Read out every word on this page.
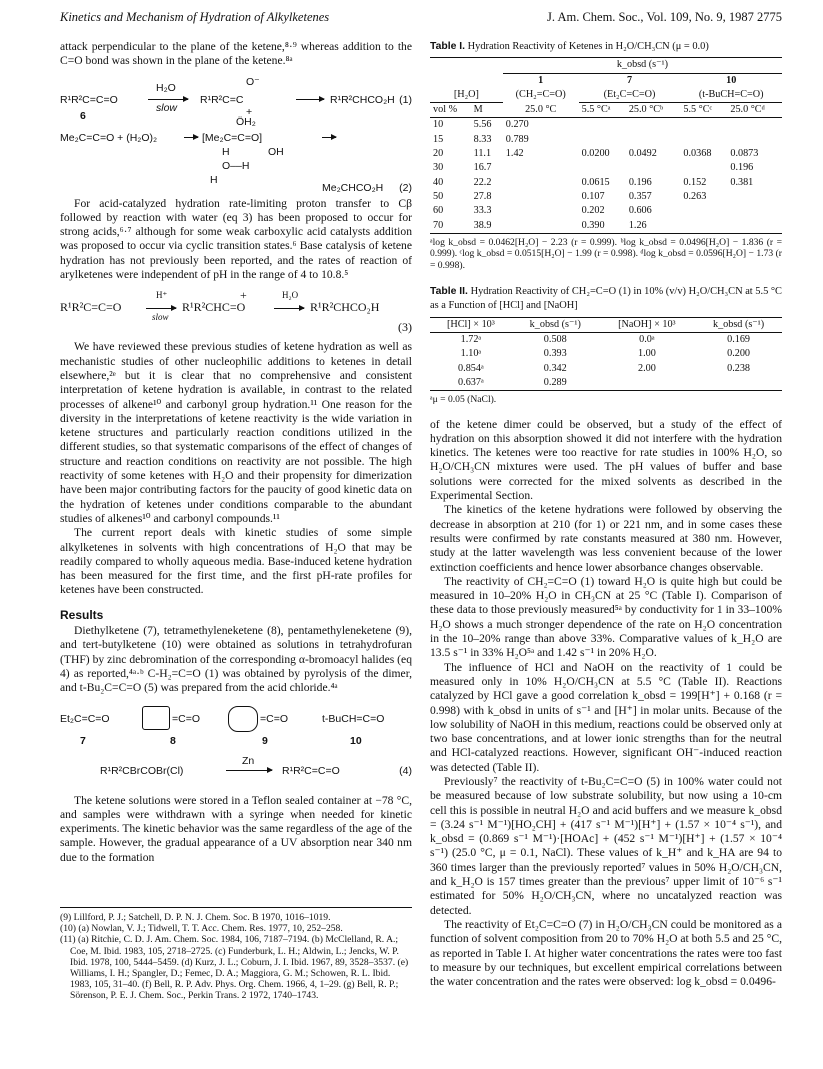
Kinetics and Mechanism of Hydration of Alkylketenes	J. Am. Chem. Soc., Vol. 109, No. 9, 1987 2775

attack perpendicular to the plane of the ketene,⁸·⁹ whereas addition to the C=O bond was shown in the plane of the ketene.⁸ᵃ

R¹R²C=C=O
H₂O
slow
O⁻
R¹R²C=C
+
ÖH₂
R¹R²CHCO₂H (1)
6
Me₂C=C=O + (H₂O)₂	[Me₂C=C=O]
H	OH
O‒‒H
H
Me₂CHCO₂H (2)

For acid-catalyzed hydration rate-limiting proton transfer to Cβ followed by reaction with water (eq 3) has been proposed to occur for strong acids,⁶·⁷ although for some weak carboxylic acid catalysts addition was proposed to occur via cyclic transition states.⁶ Base catalysis of ketene hydration has not previously been reported, and the rates of reaction of arylketenes were independent of pH in the range of 4 to 10.8.⁵

R¹R²C=C=O
H⁺
slow
+
R¹R²CHC=O
H₂O
R¹R²CHCO₂H
(3)

We have reviewed these previous studies of ketene hydration as well as mechanistic studies of other nucleophilic additions to ketenes in detail elsewhere,²ᵉ but it is clear that no comprehensive and consistent interpretation of ketene hydration is available, in contrast to the related processes of alkene¹⁰ and carbonyl group hydration.¹¹ One reason for the diversity in the interpretations of ketene reactivity is the wide variation in ketene structures and particularly reaction conditions utilized in the different studies, so that systematic comparisons of the effect of changes of structure and reaction conditions on reactivity are not possible. The high reactivity of some ketenes with H₂O and their propensity for dimerization have been major contributing factors for the paucity of good kinetic data on the hydration of ketenes under conditions comparable to the abundant studies of alkenes¹⁰ and carbonyl compounds.¹¹

The current report deals with kinetic studies of some simple alkylketenes in solvents with high concentrations of H₂O that may be readily compared to wholly aqueous media. Base-induced ketene hydration has been measured for the first time, and the first pH-rate profiles for ketenes have been constructed.

Results

Diethylketene (7), tetramethyleneketene (8), pentamethyleneketene (9), and tert-butylketene (10) were obtained as solutions in tetrahydrofuran (THF) by zinc debromination of the corresponding α-bromoacyl halides (eq 4) as reported,⁴ᵃ·ᵇ C-H₂=C=O (1) was obtained by pyrolysis of the dimer, and t-Bu₂C=C=O (5) was prepared from the acid chloride.⁴ᵃ

Et₂C=C=O	=C=O	=C=O	t-BuCH=C=O
7	8	9	10
R¹R²CBrCOBr(Cl)
Zn
R¹R²C=C=O	(4)

The ketene solutions were stored in a Teflon sealed container at −78 °C, and samples were withdrawn with a syringe when needed for kinetic experiments. The kinetic behavior was the same regardless of the age of the sample. However, the gradual appearance of a UV absorption near 340 nm due to the formation

(9) Lillford, P. J.; Satchell, D. P. N. J. Chem. Soc. B 1970, 1016–1019.
(10) (a) Nowlan, V. J.; Tidwell, T. T. Acc. Chem. Res. 1977, 10, 252–258.
(11) (a) Ritchie, C. D. J. Am. Chem. Soc. 1984, 106, 7187–7194. (b) McClelland, R. A.; Coe, M. Ibid. 1983, 105, 2718–2725. (c) Funderburk, L. H.; Aldwin, L.; Jencks, W. P. Ibid. 1978, 100, 5444–5459. (d) Kurz, J. L.; Coburn, J. I. Ibid. 1967, 89, 3528–3537. (e) Williams, I. H.; Spangler, D.; Femec, D. A.; Maggiora, G. M.; Schowen, R. L. Ibid. 1983, 105, 31–40. (f) Bell, R. P. Adv. Phys. Org. Chem. 1966, 4, 1–29. (g) Bell, R. P.; Sörenson, P. E. J. Chem. Soc., Perkin Trans. 2 1972, 1740–1743.
Table I. Hydration Reactivity of Ketenes in H₂O/CH₃CN (μ = 0.0)
		k_obsd (s⁻¹)				
		1	7		10	
[H₂O]		(CH₂=C=O)	(Et₂C=C=O)		(t-BuCH=C=O)	
vol %	M	25.0 °C	5.5 °Cᵃ	25.0 °Cᵇ	5.5 °Cᶜ	25.0 °Cᵈ
10	5.56	0.270				
15	8.33	0.789				
20	11.1	1.42	0.0200	0.0492	0.0368	0.0873
30	16.7					0.196
40	22.2		0.0615	0.196	0.152	0.381
50	27.8		0.107	0.357	0.263	
60	33.3		0.202	0.606		
70	38.9		0.390	1.26		
ᵃlog k_obsd = 0.0462[H₂O] − 2.23 (r = 0.999). ᵇlog k_obsd = 0.0496[H₂O] − 1.836 (r = 0.999). ᶜlog k_obsd = 0.0515[H₂O] − 1.99 (r = 0.998). ᵈlog k_obsd = 0.0596[H₂O] − 1.73 (r = 0.998).
Table II. Hydration Reactivity of CH₂=C=O (1) in 10% (v/v) H₂O/CH₃CN at 5.5 °C as a Function of [HCl] and [NaOH]
[HCl] × 10³	k_obsd (s⁻¹)	[NaOH] × 10³	k_obsd (s⁻¹)
1.72ᵃ	0.508	0.0ᵃ	0.169
1.10ᵃ	0.393	1.00	0.200
0.854ᵃ	0.342	2.00	0.238
0.637ᵃ	0.289		
ᵃμ = 0.05 (NaCl).

of the ketene dimer could be observed, but a study of the effect of hydration on this absorption showed it did not interfere with the hydration kinetics. The ketenes were too reactive for rate studies in 100% H₂O, so H₂O/CH₃CN mixtures were used. The pH values of buffer and base solutions were corrected for the mixed solvents as described in the Experimental Section.

The kinetics of the ketene hydrations were followed by observing the decrease in absorption at 210 (for 1) or 221 nm, and in some cases these results were confirmed by rate constants measured at 380 nm. However, study at the latter wavelength was less convenient because of the lower extinction coefficients and hence lower absorbance changes observable.

The reactivity of CH₂=C=O (1) toward H₂O is quite high but could be measured in 10–20% H₂O in CH₃CN at 25 °C (Table I). Comparison of these data to those previously measured⁵ᵃ by conductivity for 1 in 33–100% H₂O shows a much stronger dependence of the rate on H₂O concentration in the 10–20% range than above 33%. Comparative values of k_H₂O are 13.5 s⁻¹ in 33% H₂O⁵ᵃ and 1.42 s⁻¹ in 20% H₂O.

The influence of HCl and NaOH on the reactivity of 1 could be measured only in 10% H₂O/CH₃CN at 5.5 °C (Table II). Reactions catalyzed by HCl gave a good correlation k_obsd = 199[H⁺] + 0.168 (r = 0.998) with k_obsd in units of s⁻¹ and [H⁺] in molar units. Because of the low solubility of NaOH in this medium, reactions could be observed only at two base concentrations, and at lower ionic strengths than for the neutral and HCl-catalyzed reactions. However, significant OH⁻-induced reaction was detected (Table II).

Previously⁷ the reactivity of t-Bu₂C=C=O (5) in 100% water could not be measured because of low substrate solubility, but now using a 10-cm cell this is possible in neutral H₂O and acid buffers and we measure k_obsd = (3.24 s⁻¹ M⁻¹)[HO₂CH] + (417 s⁻¹ M⁻¹)[H⁺] + (1.57 × 10⁻⁴ s⁻¹), and k_obsd = (0.869 s⁻¹ M⁻¹)·[HOAc] + (452 s⁻¹ M⁻¹)[H⁺] + (1.57 × 10⁻⁴ s⁻¹) (25.0 °C, μ = 0.1, NaCl). These values of k_H⁺ and k_HA are 94 to 360 times larger than the previously reported⁷ values in 50% H₂O/CH₃CN, and k_H₂O is 157 times greater than the previous⁷ upper limit of 10⁻⁶ s⁻¹ estimated for 50% H₂O/CH₃CN, where no uncatalyzed reaction was detected.

The reactivity of Et₂C=C=O (7) in H₂O/CH₃CN could be monitored as a function of solvent composition from 20 to 70% H₂O at both 5.5 and 25 °C, as reported in Table I. At higher water concentrations the rates were too fast to measure by our techniques, but excellent empirical correlations between the water concentration and the rates were observed: log k_obsd = 0.0496-
